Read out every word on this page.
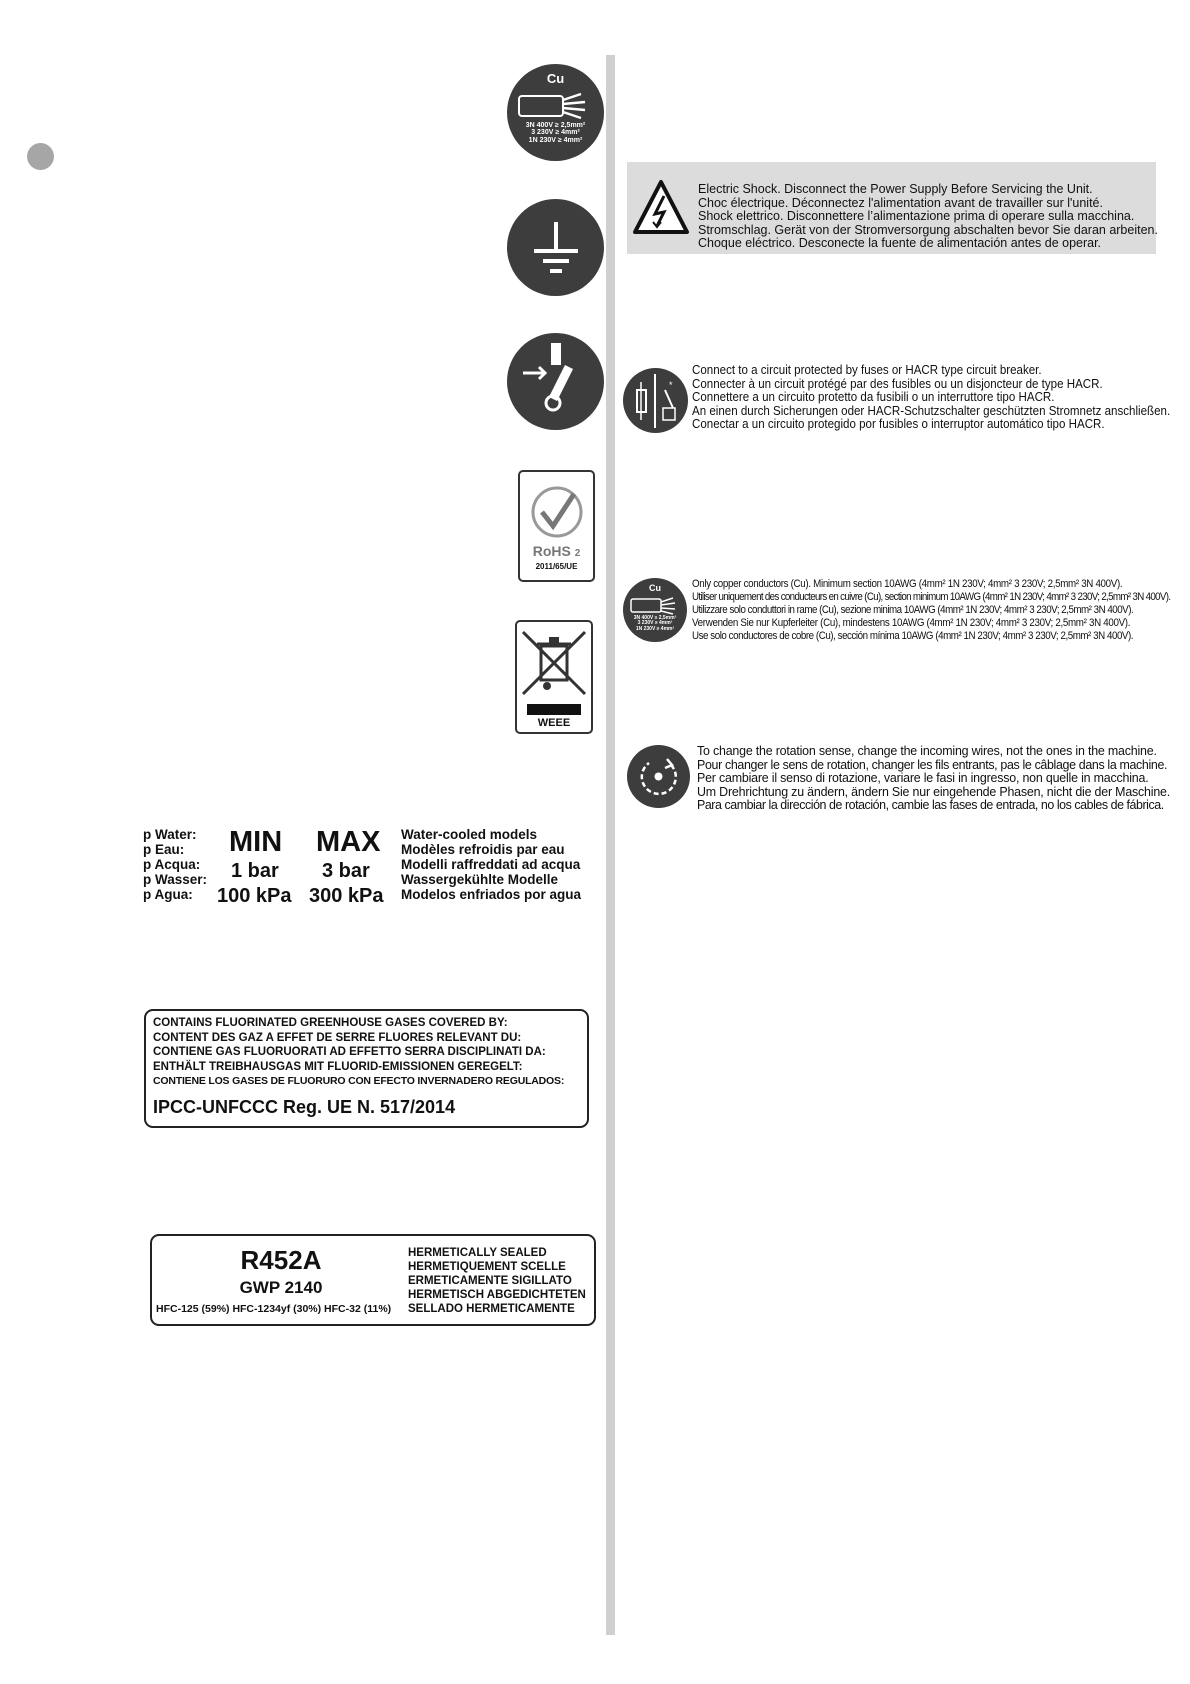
Cu
3N 400V ≥ 2,5mm²
3 230V ≥ 4mm²
1N 230V ≥ 4mm²
RoHS 2
2011/65/UE
WEEE
Electric Shock. Disconnect the Power Supply Before Servicing the Unit.
Choc électrique. Déconnectez l'alimentation avant de travailler sur l'unité.
Shock elettrico. Disconnettere l’alimentazione prima di operare sulla macchina.
Stromschlag. Gerät von der Stromversorgung abschalten bevor Sie daran arbeiten.
Choque eléctrico. Desconecte la fuente de alimentación antes de operar.
*
Connect to a circuit protected by fuses or HACR type circuit breaker.
Connecter à un circuit protégé par des fusibles ou un disjoncteur de type HACR.
Connettere a un circuito protetto da fusibili o un interruttore tipo HACR.
An einen durch Sicherungen oder HACR-Schutzschalter geschützten Stromnetz anschließen.
Conectar a un circuito protegido por fusibles o interruptor automático tipo HACR.
Cu
3N 400V ≥ 2,5mm²
3 230V ≥ 4mm²
1N 230V ≥ 4mm²
Only copper conductors (Cu). Minimum section 10AWG (4mm² 1N 230V; 4mm² 3 230V; 2,5mm² 3N 400V).
Utiliser uniquement des conducteurs en cuivre (Cu), section minimum 10AWG (4mm² 1N 230V; 4mm² 3 230V; 2,5mm² 3N 400V).
Utilizzare solo conduttori in rame (Cu), sezione minima 10AWG (4mm² 1N 230V; 4mm² 3 230V; 2,5mm² 3N 400V).
Verwenden Sie nur Kupferleiter (Cu), mindestens 10AWG (4mm² 1N 230V; 4mm² 3 230V; 2,5mm² 3N 400V).
Use solo conductores de cobre (Cu), sección mínima 10AWG (4mm² 1N 230V; 4mm² 3 230V; 2,5mm² 3N 400V).
To change the rotation sense, change the incoming wires, not the ones in the machine.
Pour changer le sens de rotation, changer les fils entrants, pas le câblage dans la machine.
Per cambiare il senso di rotazione, variare le fasi in ingresso, non quelle in macchina.
Um Drehrichtung zu ändern, ändern Sie nur eingehende Phasen, nicht die der Maschine.
Para cambiar la dirección de rotación, cambie las fases de entrada, no los cables de fábrica.
p Water:
p Eau:
p Acqua:
p Wasser:
p Agua:
MIN MAX
1 bar 3 bar
100 kPa 300 kPa
Water-cooled models
Modèles refroidis par eau
Modelli raffreddati ad acqua
Wassergekühlte Modelle
Modelos enfriados por agua
CONTAINS FLUORINATED GREENHOUSE GASES COVERED BY:
CONTENT DES GAZ A EFFET DE SERRE FLUORES RELEVANT DU:
CONTIENE GAS FLUORUORATI AD EFFETTO SERRA DISCIPLINATI DA:
ENTHÄLT TREIBHAUSGAS MIT FLUORID-EMISSIONEN GEREGELT:
CONTIENE LOS GASES DE FLUORURO CON EFECTO INVERNADERO REGULADOS:
IPCC-UNFCCC Reg. UE N. 517/2014
R452A
GWP 2140
HFC-125 (59%) HFC-1234yf (30%) HFC-32 (11%)
HERMETICALLY SEALED
HERMETIQUEMENT SCELLE
ERMETICAMENTE SIGILLATO
HERMETISCH ABGEDICHTETEN
SELLADO HERMETICAMENTE
